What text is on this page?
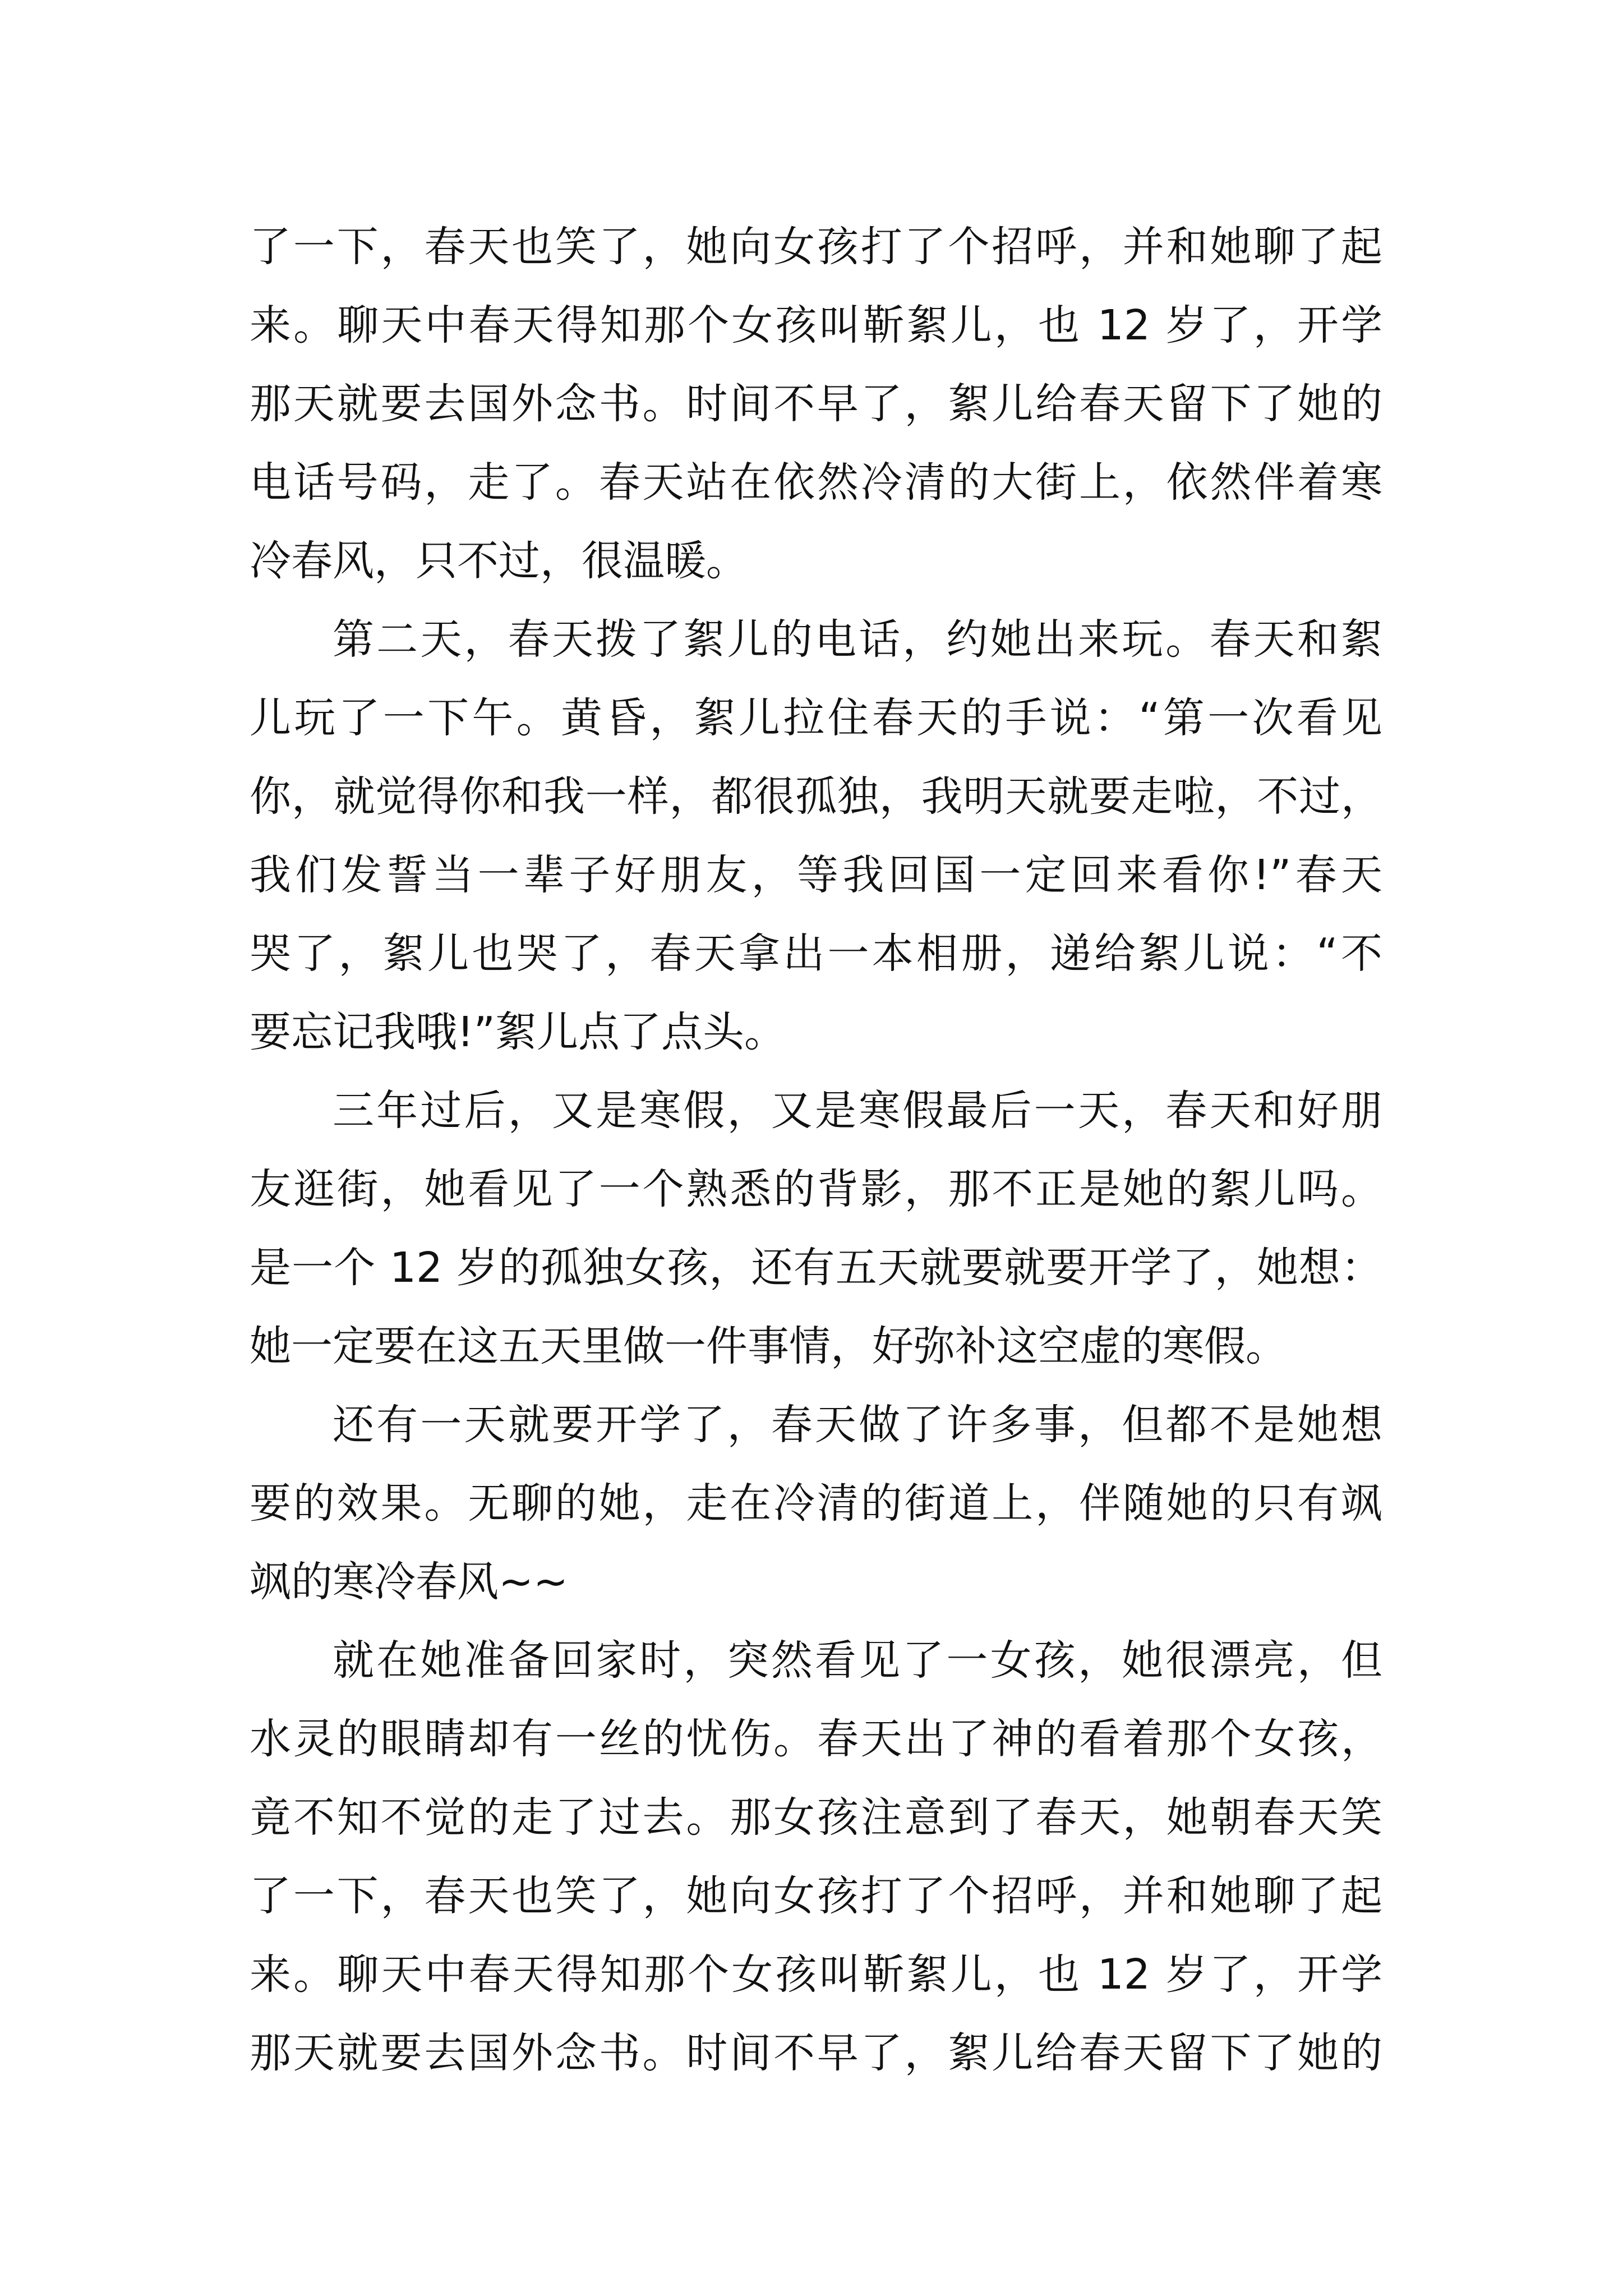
了一下，春天也笑了，她向女孩打了个招呼，并和她聊了起
来。聊天中春天得知那个女孩叫靳絮儿，也 12 岁了，开学
那天就要去国外念书。时间不早了，絮儿给春天留下了她的
电话号码，走了。春天站在依然冷清的大街上，依然伴着寒
冷春风，只不过，很温暖。
第二天，春天拨了絮儿的电话，约她出来玩。春天和絮
儿玩了一下午。黄昏，絮儿拉住春天的手说：“第一次看见
你，就觉得你和我一样，都很孤独，我明天就要走啦，不过，
我们发誓当一辈子好朋友，等我回国一定回来看你!”春天
哭了，絮儿也哭了，春天拿出一本相册，递给絮儿说：“不
要忘记我哦!”絮儿点了点头。
三年过后，又是寒假，又是寒假最后一天，春天和好朋
友逛街，她看见了一个熟悉的背影，那不正是她的絮儿吗。
是一个 12 岁的孤独女孩，还有五天就要就要开学了，她想：
她一定要在这五天里做一件事情，好弥补这空虚的寒假。
还有一天就要开学了，春天做了许多事，但都不是她想
要的效果。无聊的她，走在冷清的街道上，伴随她的只有飒
飒的寒冷春风~~
就在她准备回家时，突然看见了一女孩，她很漂亮，但
水灵的眼睛却有一丝的忧伤。春天出了神的看着那个女孩，
竟不知不觉的走了过去。那女孩注意到了春天，她朝春天笑
了一下，春天也笑了，她向女孩打了个招呼，并和她聊了起
来。聊天中春天得知那个女孩叫靳絮儿，也 12 岁了，开学
那天就要去国外念书。时间不早了，絮儿给春天留下了她的
